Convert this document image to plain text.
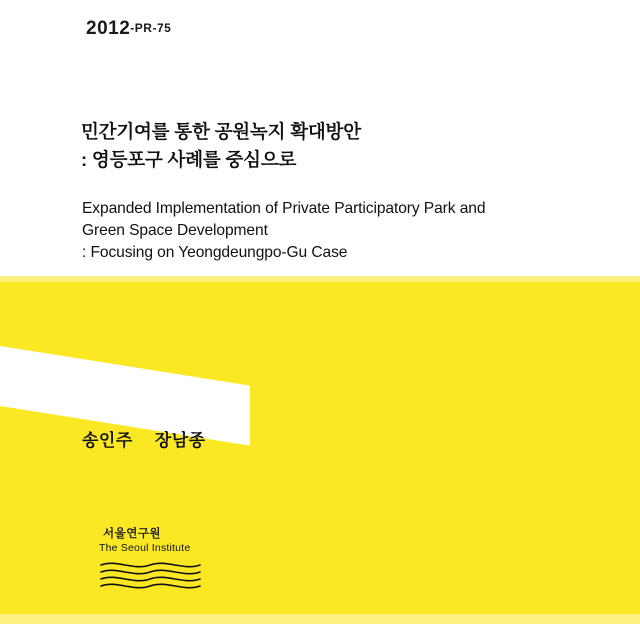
2012-PR-75
민간기여를 통한 공원녹지 확대방안
: 영등포구 사례를 중심으로
Expanded Implementation of Private Participatory Park and
Green Space Development
: Focusing on Yeongdeungpo-Gu Case
송인주 장남종
서울연구원
The Seoul Institute
